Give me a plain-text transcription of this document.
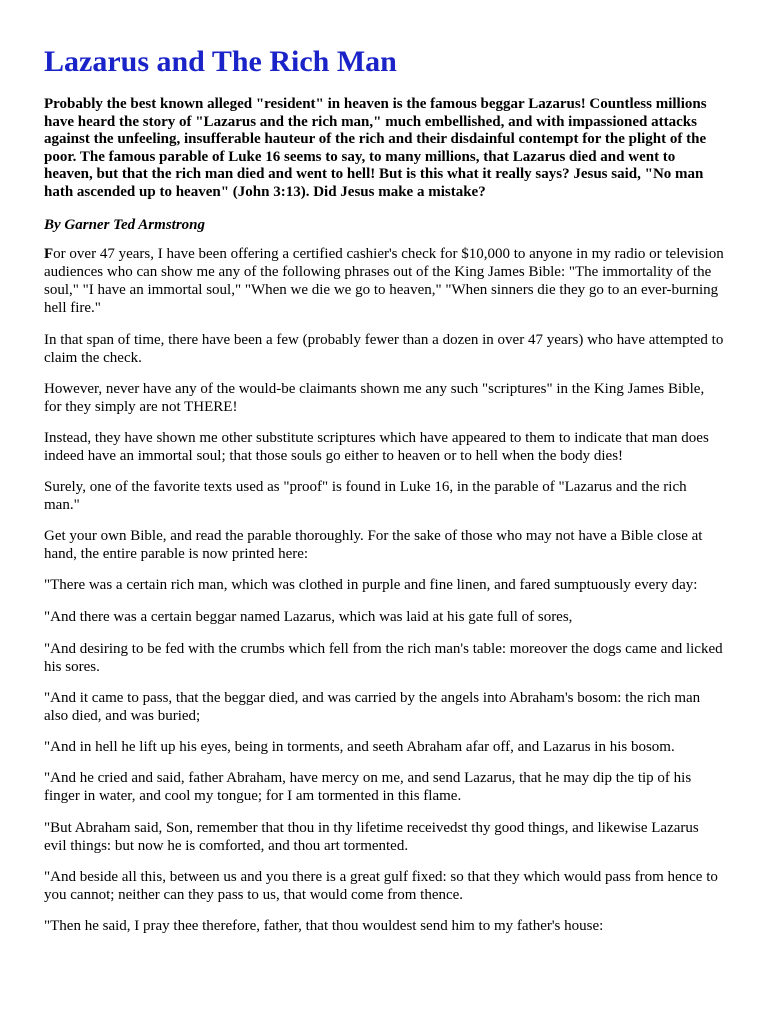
Lazarus and The Rich Man

Probably the best known alleged "resident" in heaven is the famous beggar Lazarus! Countless millions have heard the story of "Lazarus and the rich man," much embellished, and with impassioned attacks against the unfeeling, insufferable hauteur of the rich and their disdainful contempt for the plight of the poor. The famous parable of Luke 16 seems to say, to many millions, that Lazarus died and went to heaven, but that the rich man died and went to hell! But is this what it really says? Jesus said, "No man hath ascended up to heaven" (John 3:13). Did Jesus make a mistake?

By Garner Ted Armstrong

For over 47 years, I have been offering a certified cashier's check for $10,000 to anyone in my radio or television audiences who can show me any of the following phrases out of the King James Bible: "The immortality of the soul," "I have an immortal soul," "When we die we go to heaven," "When sinners die they go to an ever-burning hell fire."

In that span of time, there have been a few (probably fewer than a dozen in over 47 years) who have attempted to claim the check.

However, never have any of the would-be claimants shown me any such "scriptures" in the King James Bible, for they simply are not THERE!

Instead, they have shown me other substitute scriptures which have appeared to them to indicate that man does indeed have an immortal soul; that those souls go either to heaven or to hell when the body dies!

Surely, one of the favorite texts used as "proof" is found in Luke 16, in the parable of "Lazarus and the rich man."

Get your own Bible, and read the parable thoroughly. For the sake of those who may not have a Bible close at hand, the entire parable is now printed here:

"There was a certain rich man, which was clothed in purple and fine linen, and fared sumptuously every day:

"And there was a certain beggar named Lazarus, which was laid at his gate full of sores,

"And desiring to be fed with the crumbs which fell from the rich man's table: moreover the dogs came and licked his sores.

"And it came to pass, that the beggar died, and was carried by the angels into Abraham's bosom: the rich man also died, and was buried;

"And in hell he lift up his eyes, being in torments, and seeth Abraham afar off, and Lazarus in his bosom.

"And he cried and said, father Abraham, have mercy on me, and send Lazarus, that he may dip the tip of his finger in water, and cool my tongue; for I am tormented in this flame.

"But Abraham said, Son, remember that thou in thy lifetime receivedst thy good things, and likewise Lazarus evil things: but now he is comforted, and thou art tormented.

"And beside all this, between us and you there is a great gulf fixed: so that they which would pass from hence to you cannot; neither can they pass to us, that would come from thence.

"Then he said, I pray thee therefore, father, that thou wouldest send him to my father's house:
